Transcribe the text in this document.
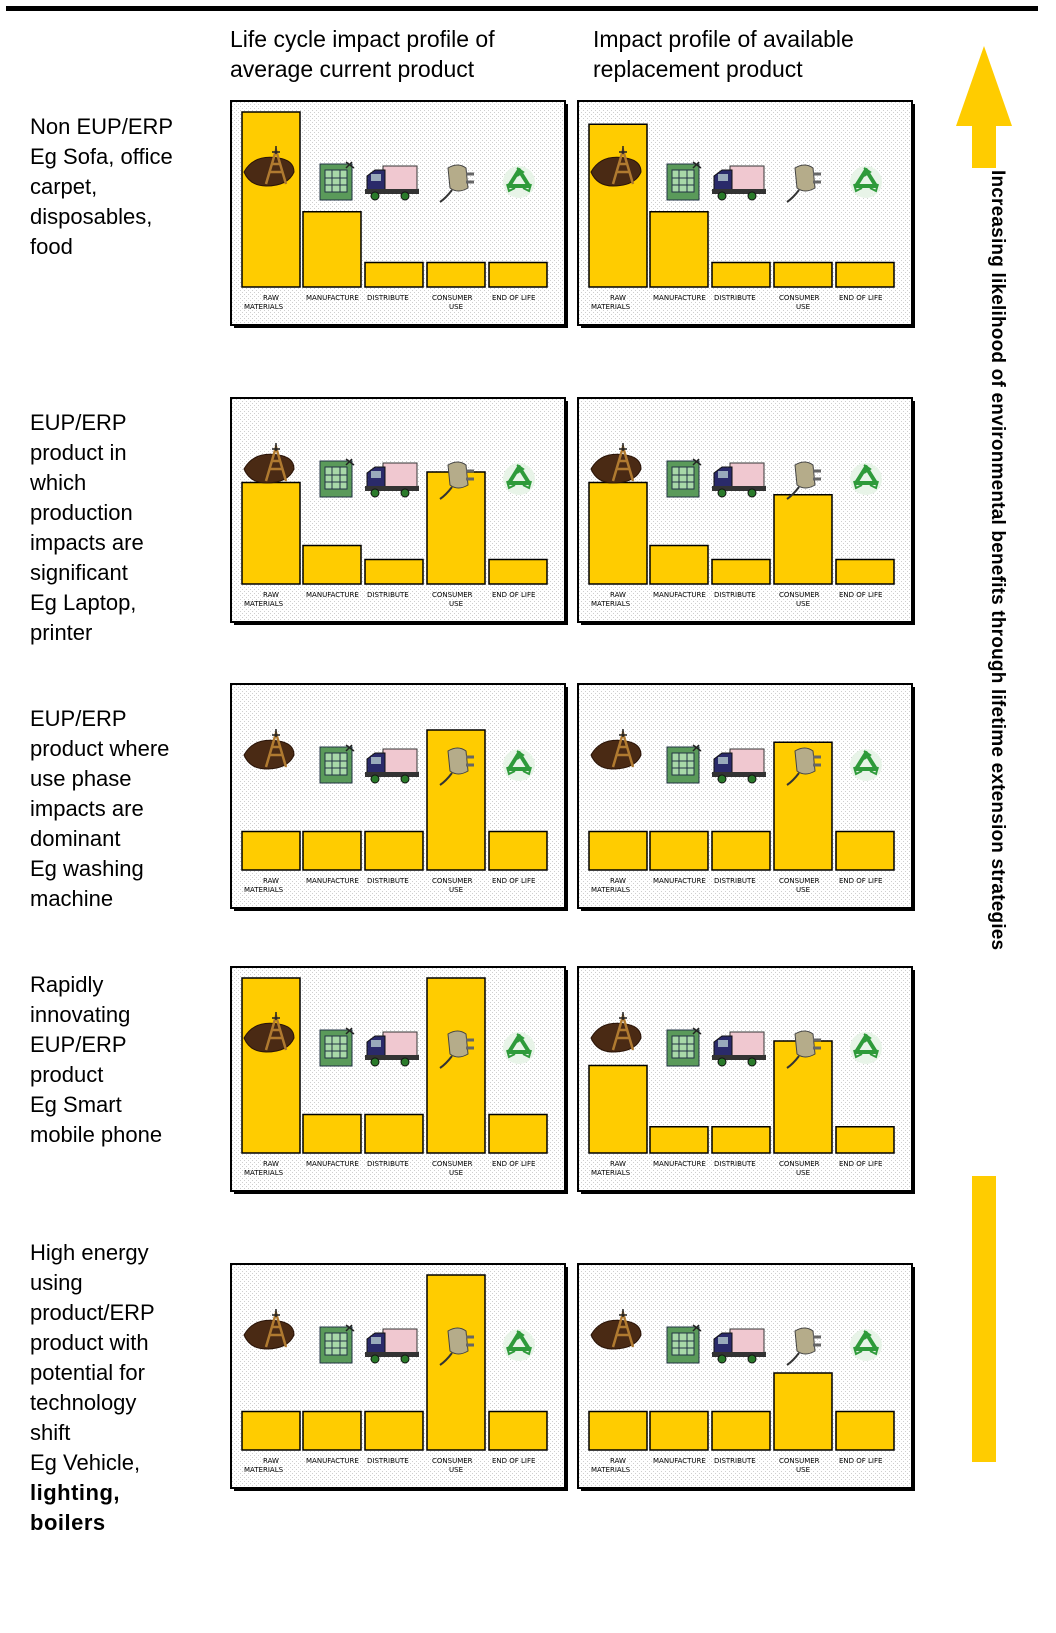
Life cycle impact profile of
average current product
Impact profile of available
replacement product
Non EUP/ERP
Eg Sofa, office
carpet,
disposables,
food
EUP/ERP
product in
which
production
impacts are
significant
Eg Laptop,
printer
EUP/ERP
product where
use phase
impacts are
dominant
Eg washing
machine
Rapidly
innovating
EUP/ERP
product
Eg Smart
mobile phone
High energy
using
product/ERP
product with
potential for
technology
shift
Eg Vehicle,
lighting,
boilers
RAW
MATERIALS
MANUFACTURE DISTRIBUTE	CONSUMER
USE
END OF LIFE	RAW
MATERIALS
MANUFACTURE DISTRIBUTE	CONSUMER
USE
END OF LIFE
RAW
MATERIALS
MANUFACTURE DISTRIBUTE	CONSUMER
USE
END OF LIFE	RAW
MATERIALS
MANUFACTURE DISTRIBUTE	CONSUMER
USE
END OF LIFE
RAW
MATERIALS
MANUFACTURE DISTRIBUTE	CONSUMER
USE
END OF LIFE	RAW
MATERIALS
MANUFACTURE DISTRIBUTE	CONSUMER
USE
END OF LIFE
RAW
MATERIALS
MANUFACTURE DISTRIBUTE	CONSUMER
USE
END OF LIFE	RAW
MATERIALS
MANUFACTURE DISTRIBUTE	CONSUMER
USE
END OF LIFE
RAW
MATERIALS
MANUFACTURE DISTRIBUTE	CONSUMER
USE
END OF LIFE	RAW
MATERIALS
MANUFACTURE DISTRIBUTE	CONSUMER
USE
END OF LIFE
Increasing likelihood of environmental benefits through lifetime extension strategies
